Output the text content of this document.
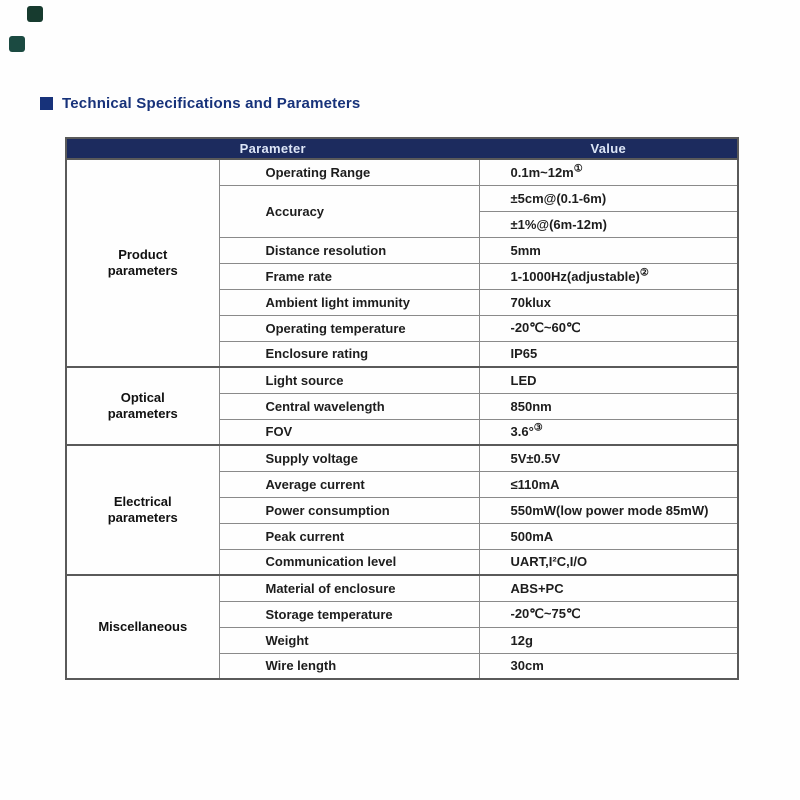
Technical Specifications and Parameters
Parameter		Value
Product parameters	Operating Range	0.1m~12m①
	Accuracy	±5cm@(0.1-6m)
		±1%@(6m-12m)
	Distance resolution	5mm
	Frame rate	1-1000Hz(adjustable)②
	Ambient light immunity	70klux
	Operating temperature	-20℃~60℃
	Enclosure rating	IP65
Optical parameters	Light source	LED
	Central wavelength	850nm
	FOV	3.6°③
Electrical parameters	Supply voltage	5V±0.5V
	Average current	≤110mA
	Power consumption	550mW(low power mode 85mW)
	Peak current	500mA
	Communication level	UART,I²C,I/O
Miscellaneous	Material of enclosure	ABS+PC
	Storage temperature	-20℃~75℃
	Weight	12g
	Wire length	30cm
